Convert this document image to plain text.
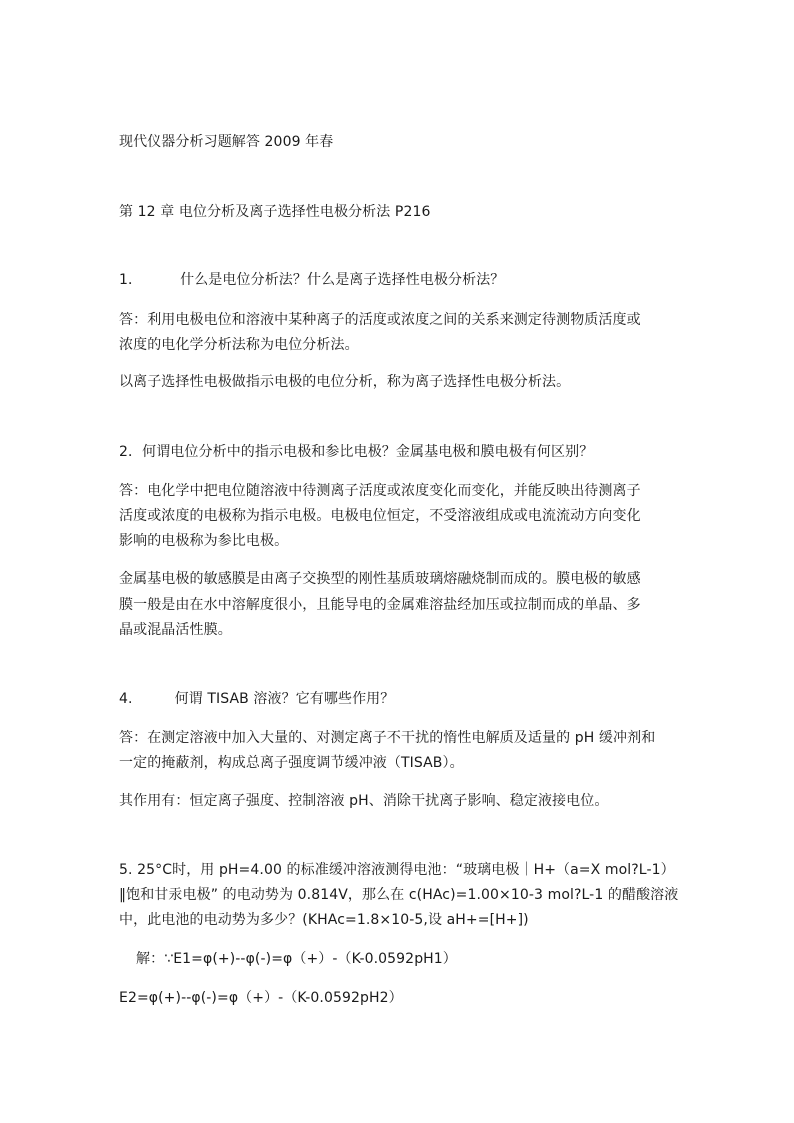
现代仪器分析习题解答 2009 年春
第 12 章 电位分析及离子选择性电极分析法 P216
1．	什么是电位分析法？什么是离子选择性电极分析法？
答：利用电极电位和溶液中某种离子的活度或浓度之间的关系来测定待测物质活度或
浓度的电化学分析法称为电位分析法。
以离子选择性电极做指示电极的电位分析，称为离子选择性电极分析法。
2．何谓电位分析中的指示电极和参比电极？金属基电极和膜电极有何区别？
答：电化学中把电位随溶液中待测离子活度或浓度变化而变化，并能反映出待测离子
活度或浓度的电极称为指示电极。电极电位恒定，不受溶液组成或电流流动方向变化
影响的电极称为参比电极。
金属基电极的敏感膜是由离子交换型的刚性基质玻璃熔融烧制而成的。膜电极的敏感
膜一般是由在水中溶解度很小，且能导电的金属难溶盐经加压或拉制而成的单晶、多
晶或混晶活性膜。
4.	何谓 TISAB 溶液？它有哪些作用？
答：在测定溶液中加入大量的、对测定离子不干扰的惰性电解质及适量的 pH 缓冲剂和
一定的掩蔽剂，构成总离子强度调节缓冲液（TISAB）。
其作用有：恒定离子强度、控制溶液 pH、消除干扰离子影响、稳定液接电位。
5. 25°C时，用 pH=4.00 的标准缓冲溶液测得电池：“玻璃电极｜H+（a=X mol?L-1）
‖饱和甘汞电极” 的电动势为 0.814V，那么在 c(HAc)=1.00×10-3 mol?L-1 的醋酸溶液
中，此电池的电动势为多少？(KHAc=1.8×10-5,设 aH+=[H+])
解：∵E1=φ(+)--φ(-)=φ（+）-（K-0.0592pH1）
E2=φ(+)--φ(-)=φ（+）-（K-0.0592pH2）
